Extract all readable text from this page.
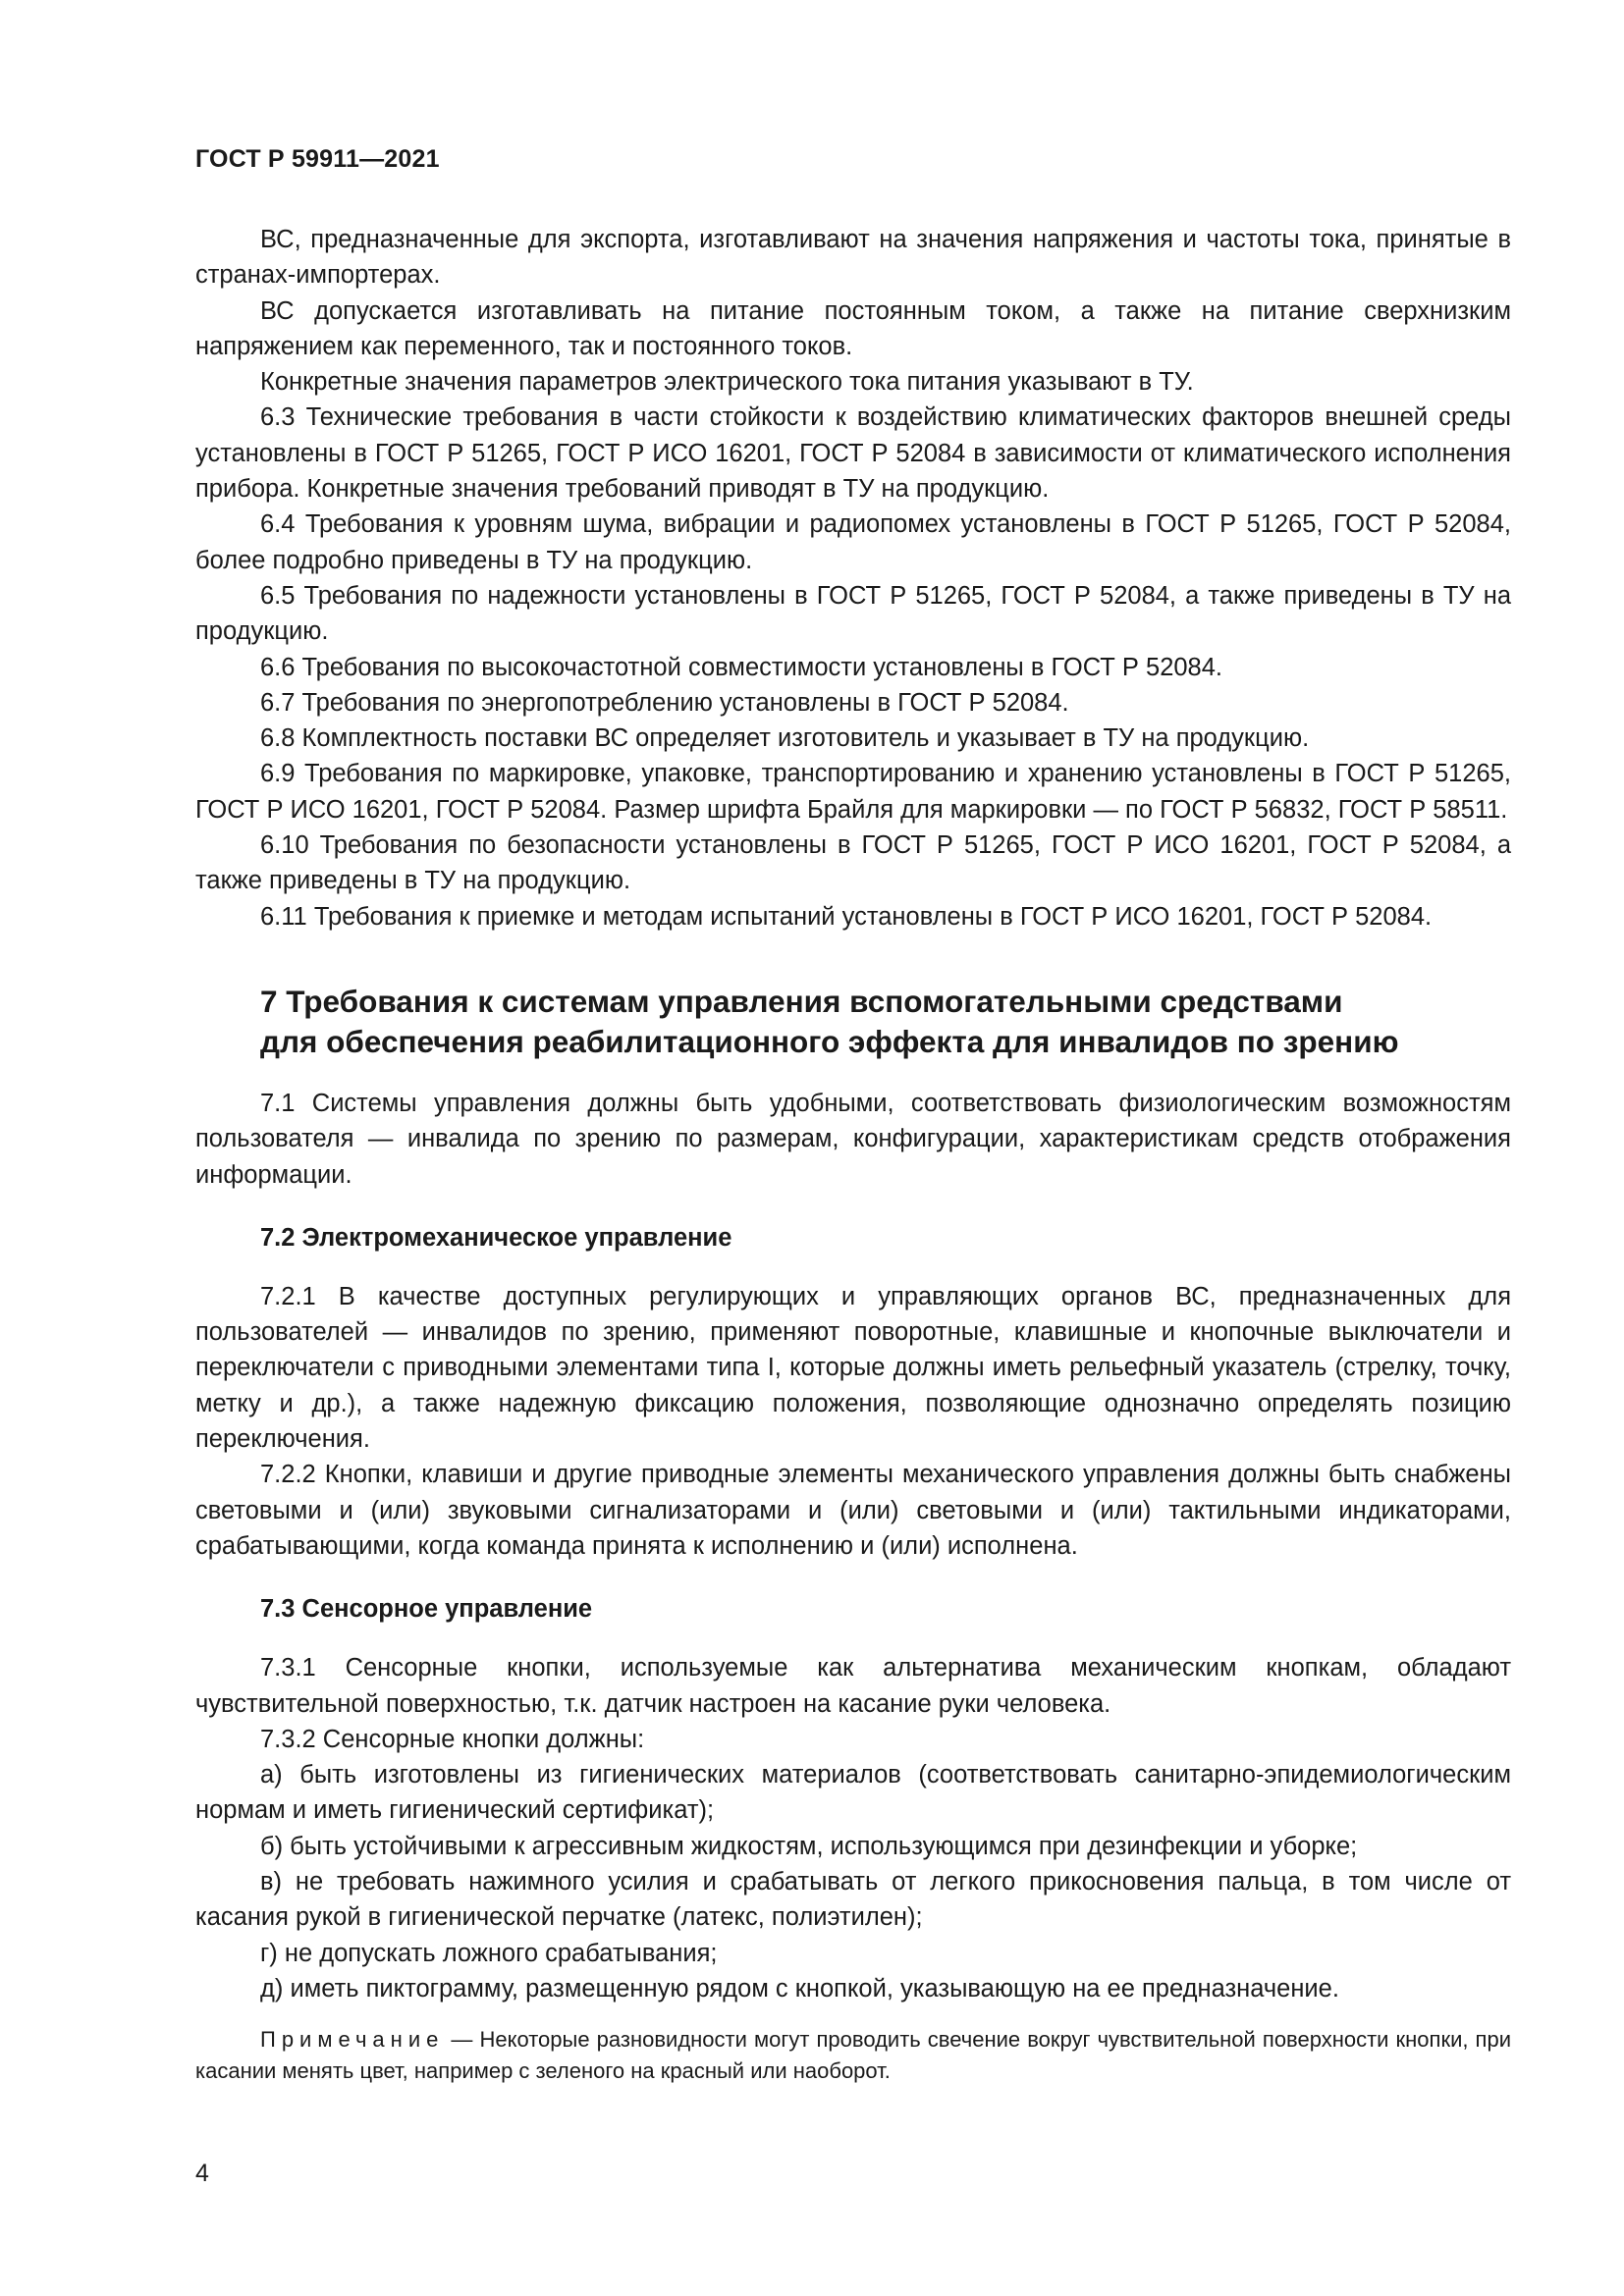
ГОСТ Р 59911—2021

ВС, предназначенные для экспорта, изготавливают на значения напряжения и частоты тока, принятые в странах-импортерах.

ВС допускается изготавливать на питание постоянным током, а также на питание сверхнизким напряжением как переменного, так и постоянного токов.

Конкретные значения параметров электрического тока питания указывают в ТУ.

6.3 Технические требования в части стойкости к воздействию климатических факторов внешней среды установлены в ГОСТ Р 51265, ГОСТ Р ИСО 16201, ГОСТ Р 52084 в зависимости от климатического исполнения прибора. Конкретные значения требований приводят в ТУ на продукцию.

6.4 Требования к уровням шума, вибрации и радиопомех установлены в ГОСТ Р 51265, ГОСТ Р 52084, более подробно приведены в ТУ на продукцию.

6.5 Требования по надежности установлены в ГОСТ Р 51265, ГОСТ Р 52084, а также приведены в ТУ на продукцию.

6.6 Требования по высокочастотной совместимости установлены в ГОСТ Р 52084.

6.7 Требования по энергопотреблению установлены в ГОСТ Р 52084.

6.8 Комплектность поставки ВС определяет изготовитель и указывает в ТУ на продукцию.

6.9 Требования по маркировке, упаковке, транспортированию и хранению установлены в ГОСТ Р 51265, ГОСТ Р ИСО 16201, ГОСТ Р 52084. Размер шрифта Брайля для маркировки — по ГОСТ Р 56832, ГОСТ Р 58511.

6.10 Требования по безопасности установлены в ГОСТ Р 51265, ГОСТ Р ИСО 16201, ГОСТ Р 52084, а также приведены в ТУ на продукцию.

6.11 Требования к приемке и методам испытаний установлены в ГОСТ Р ИСО 16201, ГОСТ Р 52084.

7 Требования к системам управления вспомогательными средствами
для обеспечения реабилитационного эффекта для инвалидов по зрению

7.1 Системы управления должны быть удобными, соответствовать физиологическим возможностям пользователя — инвалида по зрению по размерам, конфигурации, характеристикам средств отображения информации.

7.2 Электромеханическое управление

7.2.1 В качестве доступных регулирующих и управляющих органов ВС, предназначенных для пользователей — инвалидов по зрению, применяют поворотные, клавишные и кнопочные выключатели и переключатели с приводными элементами типа I, которые должны иметь рельефный указатель (стрелку, точку, метку и др.), а также надежную фиксацию положения, позволяющие однозначно определять позицию переключения.

7.2.2 Кнопки, клавиши и другие приводные элементы механического управления должны быть снабжены световыми и (или) звуковыми сигнализаторами и (или) световыми и (или) тактильными индикаторами, срабатывающими, когда команда принята к исполнению и (или) исполнена.

7.3 Сенсорное управление

7.3.1 Сенсорные кнопки, используемые как альтернатива механическим кнопкам, обладают чувствительной поверхностью, т.к. датчик настроен на касание руки человека.

7.3.2 Сенсорные кнопки должны:

а) быть изготовлены из гигиенических материалов (соответствовать санитарно-эпидемиологическим нормам и иметь гигиенический сертификат);

б) быть устойчивыми к агрессивным жидкостям, использующимся при дезинфекции и уборке;

в) не требовать нажимного усилия и срабатывать от легкого прикосновения пальца, в том числе от касания рукой в гигиенической перчатке (латекс, полиэтилен);

г) не допускать ложного срабатывания;

д) иметь пиктограмму, размещенную рядом с кнопкой, указывающую на ее предназначение.

Примечание — Некоторые разновидности могут проводить свечение вокруг чувствительной поверхности кнопки, при касании менять цвет, например с зеленого на красный или наоборот.
4
